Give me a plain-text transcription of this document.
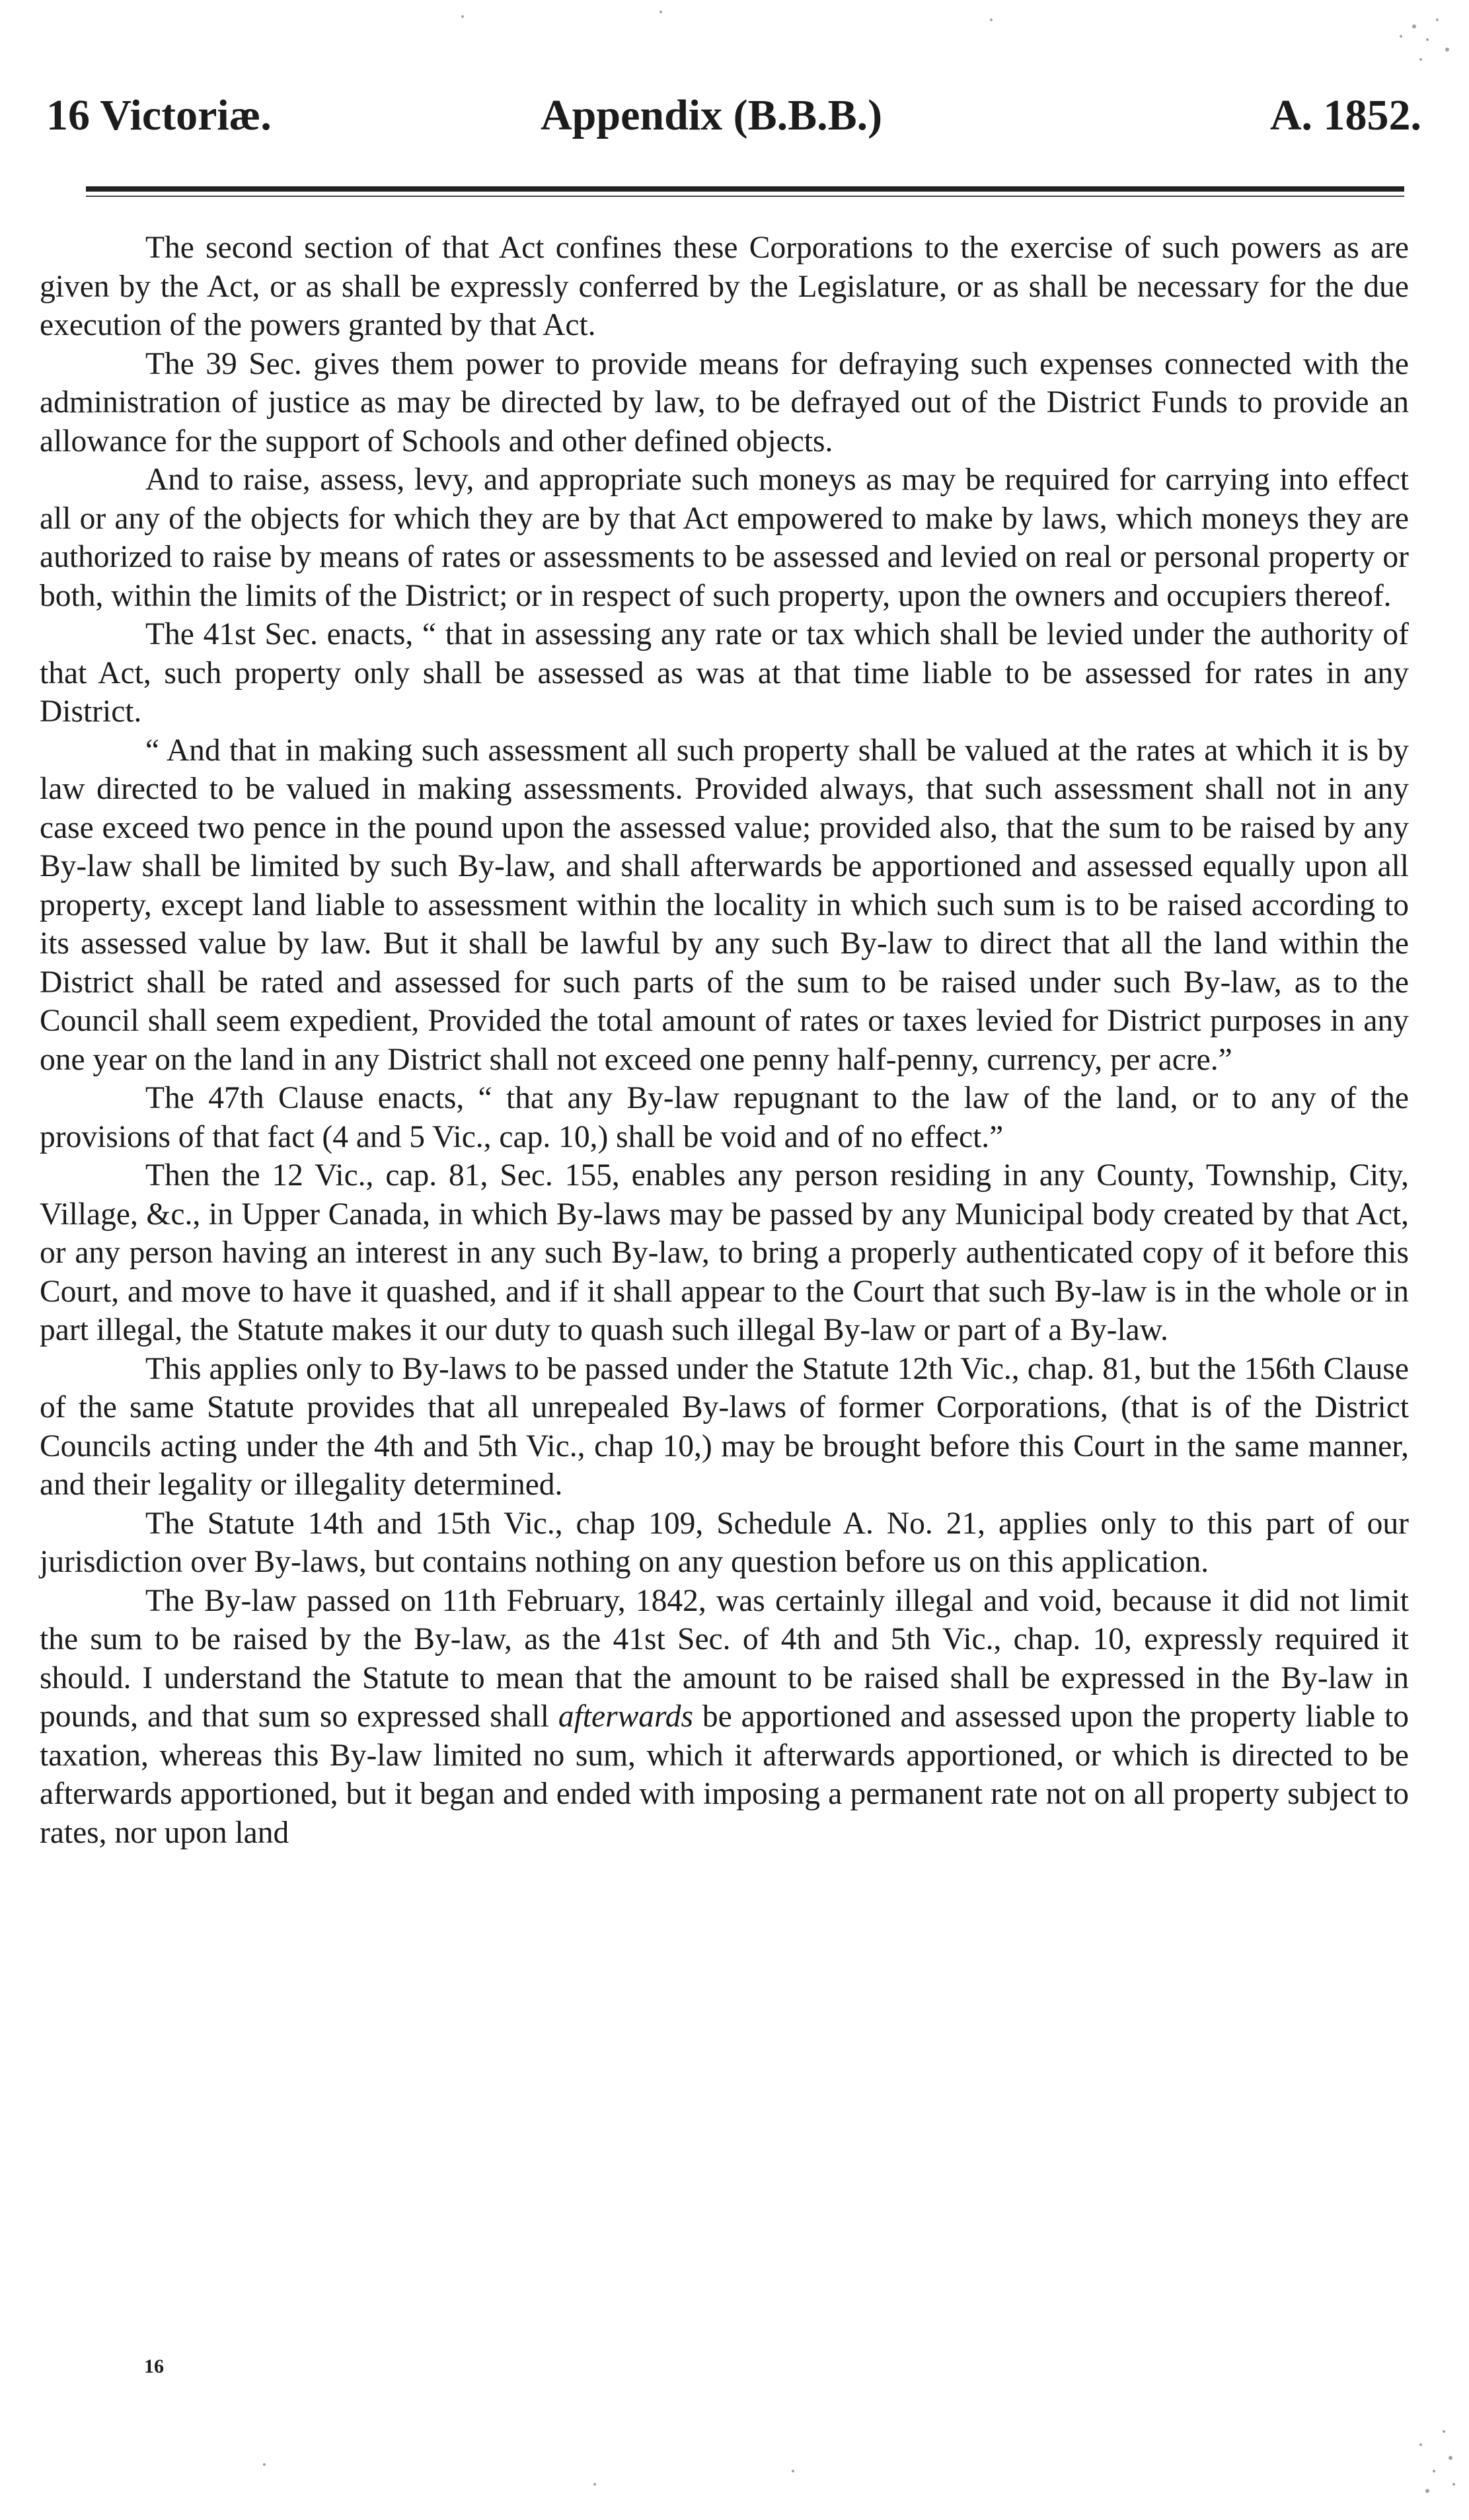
16 Victoriæ.	Appendix (B.B.B.)	A. 1852.

The second section of that Act confines these Corporations to the exercise of such powers as are given by the Act, or as shall be expressly conferred by the Legislature, or as shall be necessary for the due execution of the powers granted by that Act.

The 39 Sec. gives them power to provide means for defraying such expenses connected with the administration of justice as may be directed by law, to be defrayed out of the District Funds to provide an allowance for the support of Schools and other defined objects.

And to raise, assess, levy, and appropriate such moneys as may be required for carrying into effect all or any of the objects for which they are by that Act empowered to make by laws, which moneys they are authorized to raise by means of rates or assessments to be assessed and levied on real or personal property or both, within the limits of the District; or in respect of such property, upon the owners and occupiers thereof.

The 41st Sec. enacts, “ that in assessing any rate or tax which shall be levied under the authority of that Act, such property only shall be assessed as was at that time liable to be assessed for rates in any District.

“ And that in making such assessment all such property shall be valued at the rates at which it is by law directed to be valued in making assessments. Provided always, that such assessment shall not in any case exceed two pence in the pound upon the assessed value; provided also, that the sum to be raised by any By-law shall be limited by such By-law, and shall afterwards be apportioned and assessed equally upon all property, except land liable to assessment within the locality in which such sum is to be raised according to its assessed value by law. But it shall be lawful by any such By-law to direct that all the land within the District shall be rated and assessed for such parts of the sum to be raised under such By-law, as to the Council shall seem expedient, Provided the total amount of rates or taxes levied for District purposes in any one year on the land in any District shall not exceed one penny half-penny, currency, per acre.”

The 47th Clause enacts, “ that any By-law repugnant to the law of the land, or to any of the provisions of that fact (4 and 5 Vic., cap. 10,) shall be void and of no effect.”

Then the 12 Vic., cap. 81, Sec. 155, enables any person residing in any County, Township, City, Village, &c., in Upper Canada, in which By-laws may be passed by any Municipal body created by that Act, or any person having an interest in any such By-law, to bring a properly authenticated copy of it before this Court, and move to have it quashed, and if it shall appear to the Court that such By-law is in the whole or in part illegal, the Statute makes it our duty to quash such illegal By-law or part of a By-law.

This applies only to By-laws to be passed under the Statute 12th Vic., chap. 81, but the 156th Clause of the same Statute provides that all unrepealed By-laws of former Corporations, (that is of the District Councils acting under the 4th and 5th Vic., chap 10,) may be brought before this Court in the same manner, and their legality or illegality determined.

The Statute 14th and 15th Vic., chap 109, Schedule A. No. 21, applies only to this part of our jurisdiction over By-laws, but contains nothing on any question before us on this application.

The By-law passed on 11th February, 1842, was certainly illegal and void, because it did not limit the sum to be raised by the By-law, as the 41st Sec. of 4th and 5th Vic., chap. 10, expressly required it should. I understand the Statute to mean that the amount to be raised shall be expressed in the By-law in pounds, and that sum so expressed shall afterwards be apportioned and assessed upon the property liable to taxation, whereas this By-law limited no sum, which it afterwards apportioned, or which is directed to be afterwards apportioned, but it began and ended with imposing a permanent rate not on all property subject to rates, nor upon land

16
